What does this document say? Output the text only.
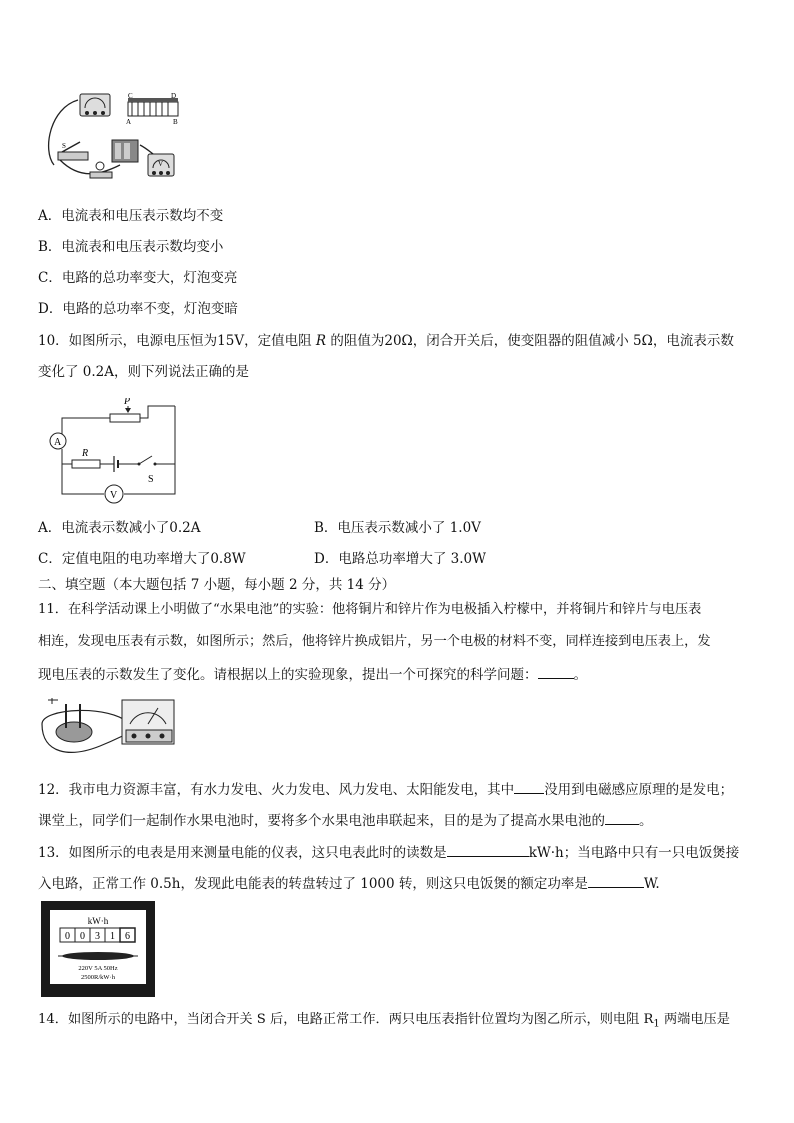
C	D
A	B
S
V
A．电流表和电压表示数均不变
B．电流表和电压表示数均变小
C．电路的总功率变大，灯泡变亮
D．电路的总功率不变，灯泡变暗
10．如图所示，电源电压恒为15V，定值电阻 R 的阻值为20Ω，闭合开关后，使变阻器的阻值减小 5Ω，电流表示数
变化了 0.2A，则下列说法正确的是
P
A
V
R
S
A．电流表示数减小了0.2A	B．电压表示数减小了 1.0V
C．定值电阻的电功率增大了0.8W	D．电路总功率增大了 3.0W
二、填空题（本大题包括 7 小题，每小题 2 分，共 14 分）
11．在科学活动课上小明做了“水果电池”的实验：他将铜片和锌片作为电极插入柠檬中，并将铜片和锌片与电压表
相连，发现电压表有示数，如图所示；然后，他将锌片换成铝片，另一个电极的材料不变，同样连接到电压表上，发
现电压表的示数发生了变化。请根据以上的实验现象，提出一个可探究的科学问题：	。
12．我市电力资源丰富，有水力发电、火力发电、风力发电、太阳能发电，其中 没用到电磁感应原理的是发电；
课堂上，同学们一起制作水果电池时，要将多个水果电池串联起来，目的是为了提高水果电池的	。
13．如图所示的电表是用来测量电能的仪表，这只电表此时的读数是	kW·h；当电路中只有一只电饭煲接
入电路，正常工作 0.5h，发现此电能表的转盘转过了 1000 转，则这只电饭煲的额定功率是	W.
kW·h
0 0 3 1 6
220V 5A 50Hz
2500R/kW·h
14．如图所示的电路中，当闭合开关 S 后，电路正常工作．两只电压表指针位置均为图乙所示，则电阻 $R_1$ 两端电压是
